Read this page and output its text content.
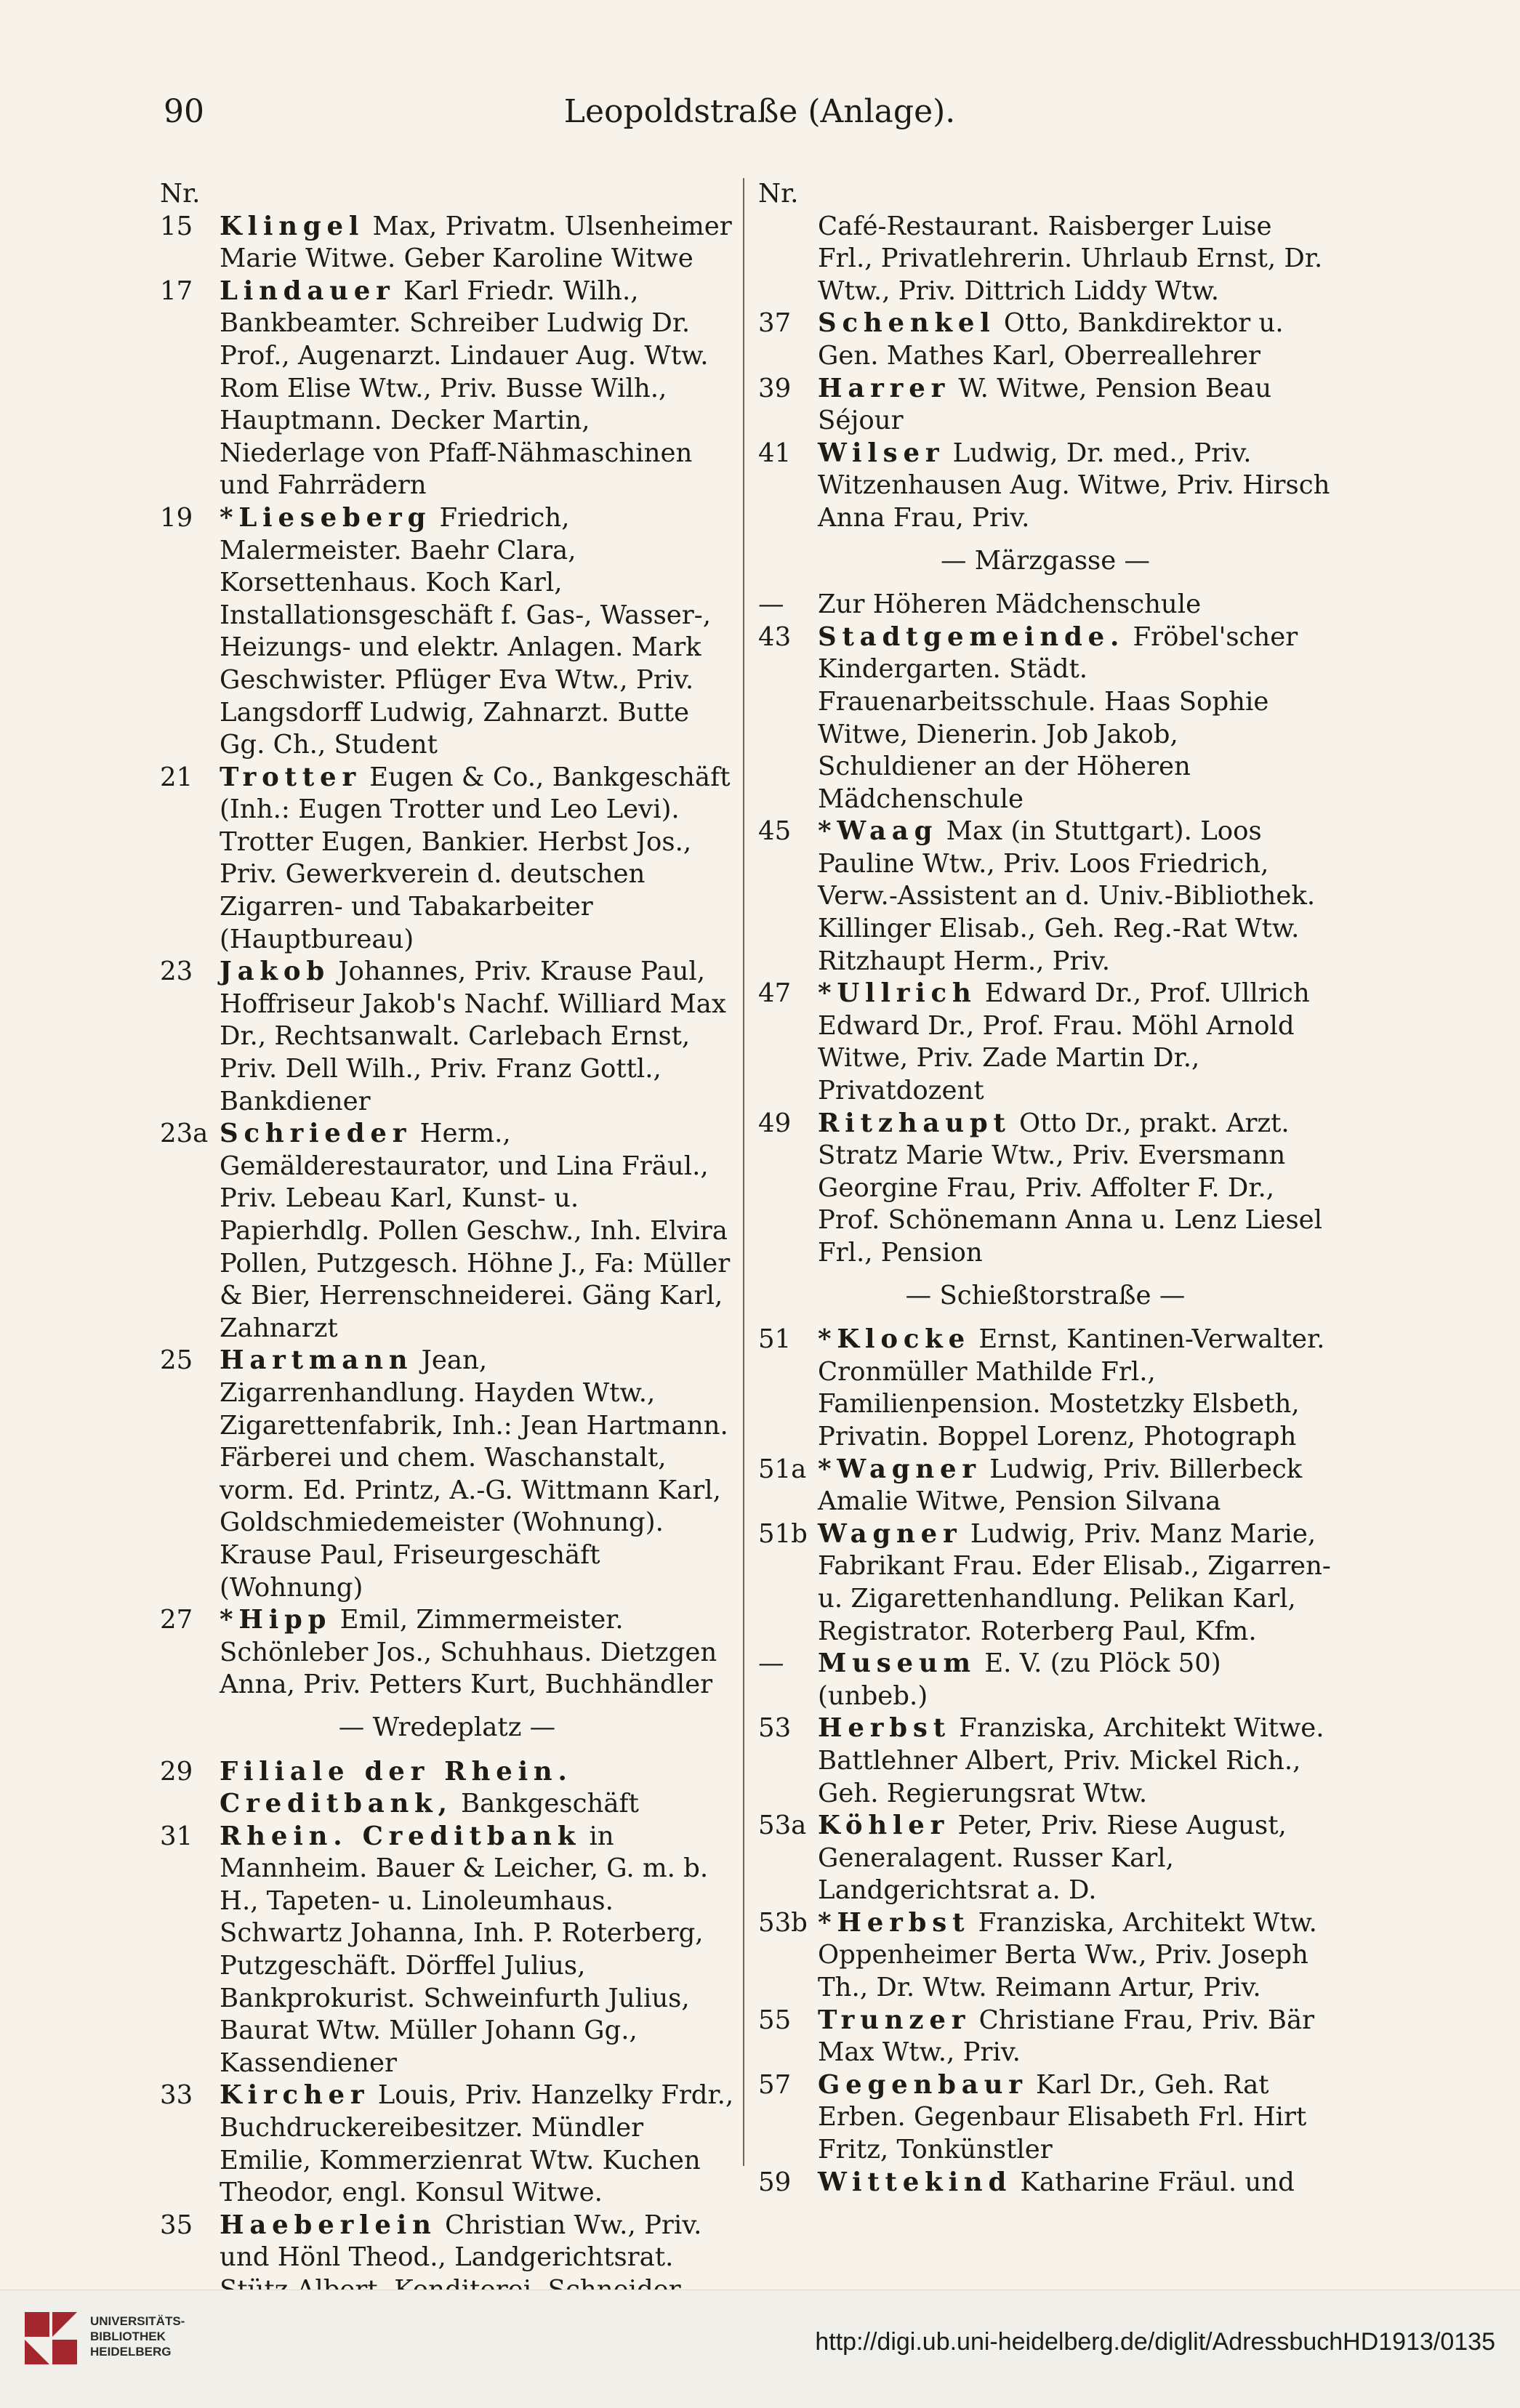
90	Leopoldstraße (Anlage).

Nr.

15	Klingel Max, Privatm. Ulsenheimer Marie Witwe. Geber Karoline Witwe
17	Lindauer Karl Friedr. Wilh., Bankbeamter. Schreiber Ludwig Dr. Prof., Augenarzt. Lindauer Aug. Wtw. Rom Elise Wtw., Priv. Busse Wilh., Hauptmann. Decker Martin, Niederlage von Pfaff-Nähmaschinen und Fahrrädern
19	*Lieseberg Friedrich, Malermeister. Baehr Clara, Korsettenhaus. Koch Karl, Installationsgeschäft f. Gas-, Wasser-, Heizungs- und elektr. Anlagen. Mark Geschwister. Pflüger Eva Wtw., Priv. Langsdorff Ludwig, Zahnarzt. Butte Gg. Ch., Student
21	Trotter Eugen & Co., Bankgeschäft (Inh.: Eugen Trotter und Leo Levi). Trotter Eugen, Bankier. Herbst Jos., Priv. Gewerkverein d. deutschen Zigarren- und Tabakarbeiter (Hauptbureau)
23	Jakob Johannes, Priv. Krause Paul, Hoffriseur Jakob's Nachf. Williard Max Dr., Rechtsanwalt. Carlebach Ernst, Priv. Dell Wilh., Priv. Franz Gottl., Bankdiener
23a Schrieder Herm., Gemälderestaurator, und Lina Fräul., Priv. Lebeau Karl, Kunst- u. Papierhdlg. Pollen Geschw., Inh. Elvira Pollen, Putzgesch. Höhne J., Fa: Müller & Bier, Herrenschneiderei. Gäng Karl, Zahnarzt
25	Hartmann Jean, Zigarrenhandlung. Hayden Wtw., Zigarettenfabrik, Inh.: Jean Hartmann. Färberei und chem. Waschanstalt, vorm. Ed. Printz, A.-G. Wittmann Karl, Goldschmiedemeister (Wohnung). Krause Paul, Friseurgeschäft (Wohnung)
27	*Hipp Emil, Zimmermeister. Schönleber Jos., Schuhhaus. Dietzgen Anna, Priv. Petters Kurt, Buchhändler
— Wredeplatz —
29	Filiale der Rhein. Creditbank, Bankgeschäft
31	Rhein. Creditbank in Mannheim. Bauer & Leicher, G. m. b. H., Tapeten- u. Linoleumhaus. Schwartz Johanna, Inh. P. Roterberg, Putzgeschäft. Dörffel Julius, Bankprokurist. Schweinfurth Julius, Baurat Wtw. Müller Johann Gg., Kassendiener
33	Kircher Louis, Priv. Hanzelky Frdr., Buchdruckereibesitzer. Mündler Emilie, Kommerzienrat Wtw. Kuchen Theodor, engl. Konsul Witwe.
35	Haeberlein Christian Ww., Priv. und Hönl Theod., Landgerichtsrat.

Nr.

Café-Restaurant. Raisberger Luise Frl., Privatlehrerin. Uhrlaub Ernst, Dr. Wtw., Priv. Dittrich Liddy Wtw.
37	Schenkel Otto, Bankdirektor u. Gen. Mathes Karl, Oberreallehrer
39	Harrer W. Witwe, Pension Beau Séjour
41	Wilser Ludwig, Dr. med., Priv. Witzenhausen Aug. Witwe, Priv. Hirsch Anna Frau, Priv.
— Märzgasse —
—	Zur Höheren Mädchenschule
43	Stadtgemeinde. Fröbel'scher Kindergarten. Städt. Frauenarbeitsschule. Haas Sophie Witwe, Dienerin. Job Jakob, Schuldiener an der Höheren Mädchenschule
45	*Waag Max (in Stuttgart). Loos Pauline Wtw., Priv. Loos Friedrich, Verw.-Assistent an d. Univ.-Bibliothek. Killinger Elisab., Geh. Reg.-Rat Wtw. Ritzhaupt Herm., Priv.
47	*Ullrich Edward Dr., Prof. Ullrich Edward Dr., Prof. Frau. Möhl Arnold Witwe, Priv. Zade Martin Dr., Privatdozent
49	Ritzhaupt Otto Dr., prakt. Arzt. Stratz Marie Wtw., Priv. Eversmann Georgine Frau, Priv. Affolter F. Dr., Prof. Schönemann Anna u. Lenz Liesel Frl., Pension
— Schießtorstraße —
51	*Klocke Ernst, Kantinen-Verwalter. Cronmüller Mathilde Frl., Familienpension. Mostetzky Elsbeth, Privatin. Boppel Lorenz, Photograph
51a *Wagner Ludwig, Priv. Billerbeck Amalie Witwe, Pension Silvana
51b Wagner Ludwig, Priv. Manz Marie, Fabrikant Frau. Eder Elisab., Zigarren- u. Zigarettenhandlung. Pelikan Karl, Registrator. Roterberg Paul, Kfm.
—	Museum E. V. (zu Plöck 50) (unbeb.)
53	Herbst Franziska, Architekt Witwe. Battlehner Albert, Priv. Mickel Rich., Geh. Regierungsrat Wtw.
53a Köhler Peter, Priv. Riese August, Generalagent. Russer Karl, Landgerichtsrat a. D.
53b *Herbst Franziska, Architekt Wtw. Oppenheimer Berta Ww., Priv. Joseph Th., Dr. Wtw. Reimann Artur, Priv.
55	Trunzer Christiane Frau, Priv. Bär Max Wtw., Priv.
57	Gegenbaur Karl Dr., Geh. Rat Erben. Gegenbaur Elisabeth Frl. Hirt Fritz, Tonkünstler
59	Wittekind Katharine Fräul. und
UNIVERSITÄTS-
BIBLIOTHEK
HEIDELBERG	http://digi.ub.uni-heidelberg.de/diglit/AdressbuchHD1913/0135
